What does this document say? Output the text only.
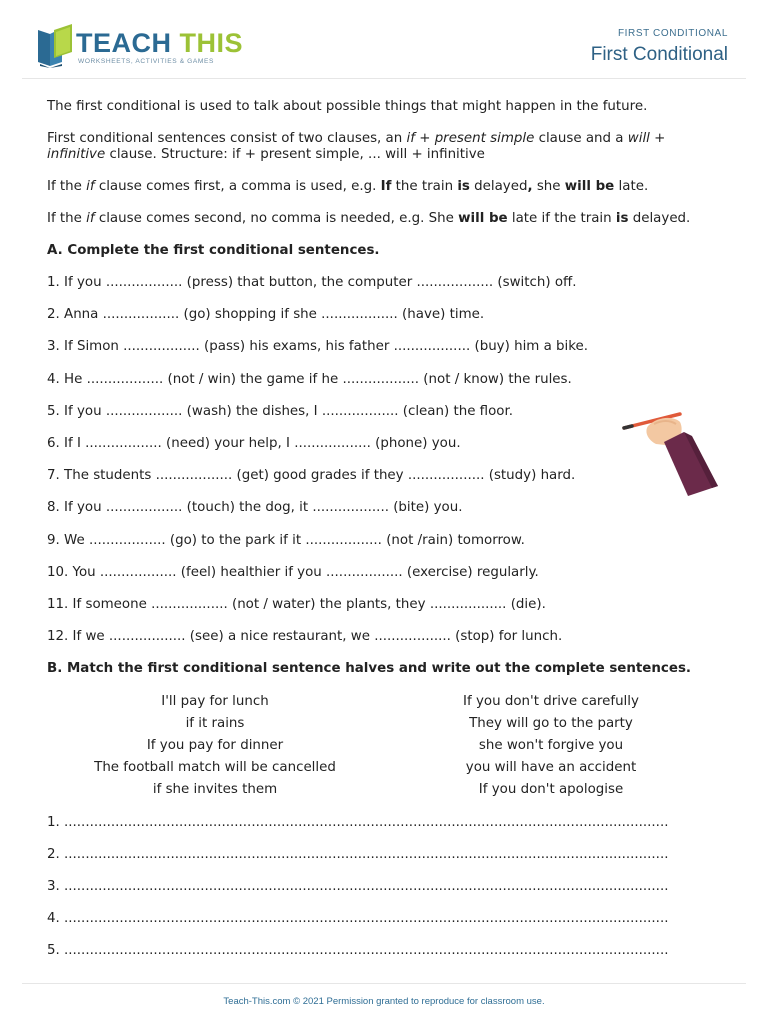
TEACH THIS
WORKSHEETS, ACTIVITIES & GAMES
FIRST CONDITIONAL
First Conditional

The first conditional is used to talk about possible things that might happen in the future.

First conditional sentences consist of two clauses, an if + present simple clause and a will + infinitive clause. Structure: if + present simple, ... will + infinitive

If the if clause comes first, a comma is used, e.g. If the train is delayed, she will be late.

If the if clause comes second, no comma is needed, e.g. She will be late if the train is delayed.

A. Complete the first conditional sentences.
1. If you .................. (press) that button, the computer .................. (switch) off.
2. Anna .................. (go) shopping if she .................. (have) time.
3. If Simon .................. (pass) his exams, his father .................. (buy) him a bike.
4. He .................. (not / win) the game if he .................. (not / know) the rules.
5. If you .................. (wash) the dishes, I .................. (clean) the floor.
6. If I .................. (need) your help, I .................. (phone) you.
7. The students .................. (get) good grades if they .................. (study) hard.
8. If you .................. (touch) the dog, it .................. (bite) you.
9. We .................. (go) to the park if it .................. (not /rain) tomorrow.
10. You .................. (feel) healthier if you .................. (exercise) regularly.
11. If someone .................. (not / water) the plants, they .................. (die).
12. If we .................. (see) a nice restaurant, we .................. (stop) for lunch.
B. Match the first conditional sentence halves and write out the complete sentences.
I'll pay for lunch
if it rains
If you pay for dinner
The football match will be cancelled
if she invites them
If you don't drive carefully
They will go to the party
she won't forgive you
you will have an accident
If you don't apologise
1. ..............................................................................................................................................
2. ..............................................................................................................................................
3. ..............................................................................................................................................
4. ..............................................................................................................................................
5. ..............................................................................................................................................
Teach-This.com © 2021 Permission granted to reproduce for classroom use.
